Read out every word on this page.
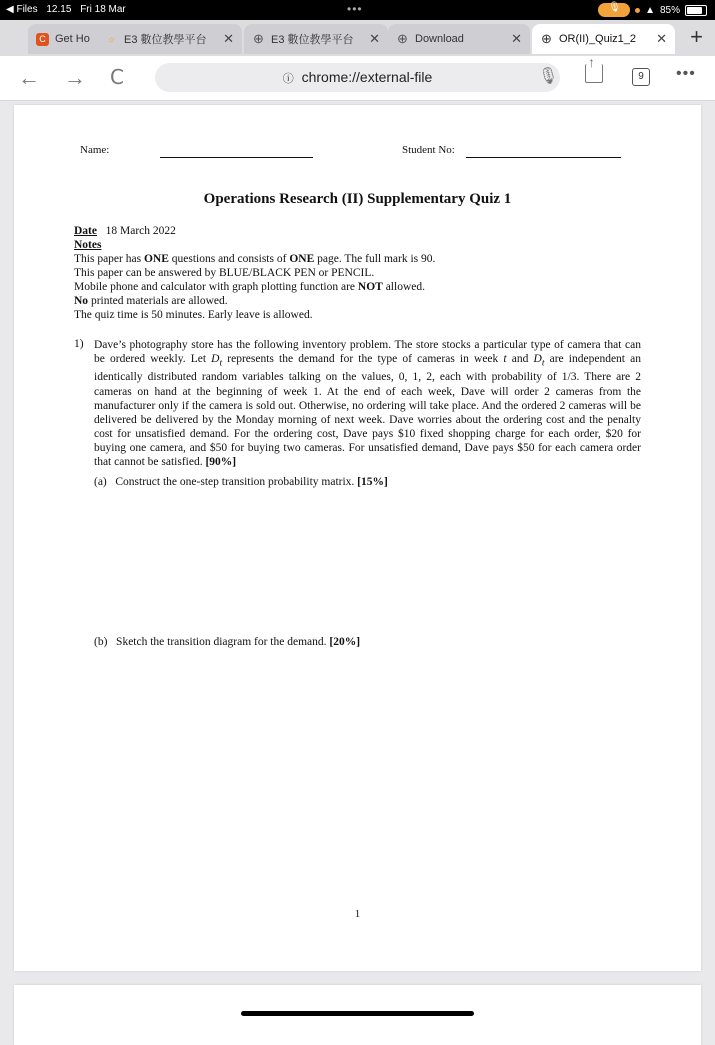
◀ Files 12.15 Fri 18 Mar	••• 🎙	▲ 85%
C Get Ho ☼ E3 數位教學平台	✕ ⊕ E3 數位教學平台	✕ ⊕ Download	✕ ⊕ OR(II)_Quiz1_2	✕ +
← → C	ⓘ chrome://external-file	🎙 ↑	9	•••
Name:	Student No:
Operations Research (II) Supplementary Quiz 1
Date 18 March 2022
Notes
This paper has ONE questions and consists of ONE page. The full mark is 90.
This paper can be answered by BLUE/BLACK PEN or PENCIL.
Mobile phone and calculator with graph plotting function are NOT allowed.
No printed materials are allowed.
The quiz time is 50 minutes. Early leave is allowed.
1) Dave’s photography store has the following inventory problem. The store stocks a particular type of camera that can be ordered weekly. Let $D_t$ represents the demand for the type of cameras in week t and $D_t$ are independent an identically distributed random variables talking on the values, 0, 1, 2, each with probability of 1/3. There are 2 cameras on hand at the beginning of week 1. At the end of each week, Dave will order 2 cameras from the manufacturer only if the camera is sold out. Otherwise, no ordering will take place. And the ordered 2 cameras will be delivered be delivered by the Monday morning of next week. Dave worries about the ordering cost and the penalty cost for unsatisfied demand. For the ordering cost, Dave pays $10 fixed shopping charge for each order, $20 for buying one camera, and $50 for buying two cameras. For unsatisfied demand, Dave pays $50 for each camera order that cannot be satisfied. [90%]
(a) Construct the one-step transition probability matrix. [15%]
(b) Sketch the transition diagram for the demand. [20%]
1
